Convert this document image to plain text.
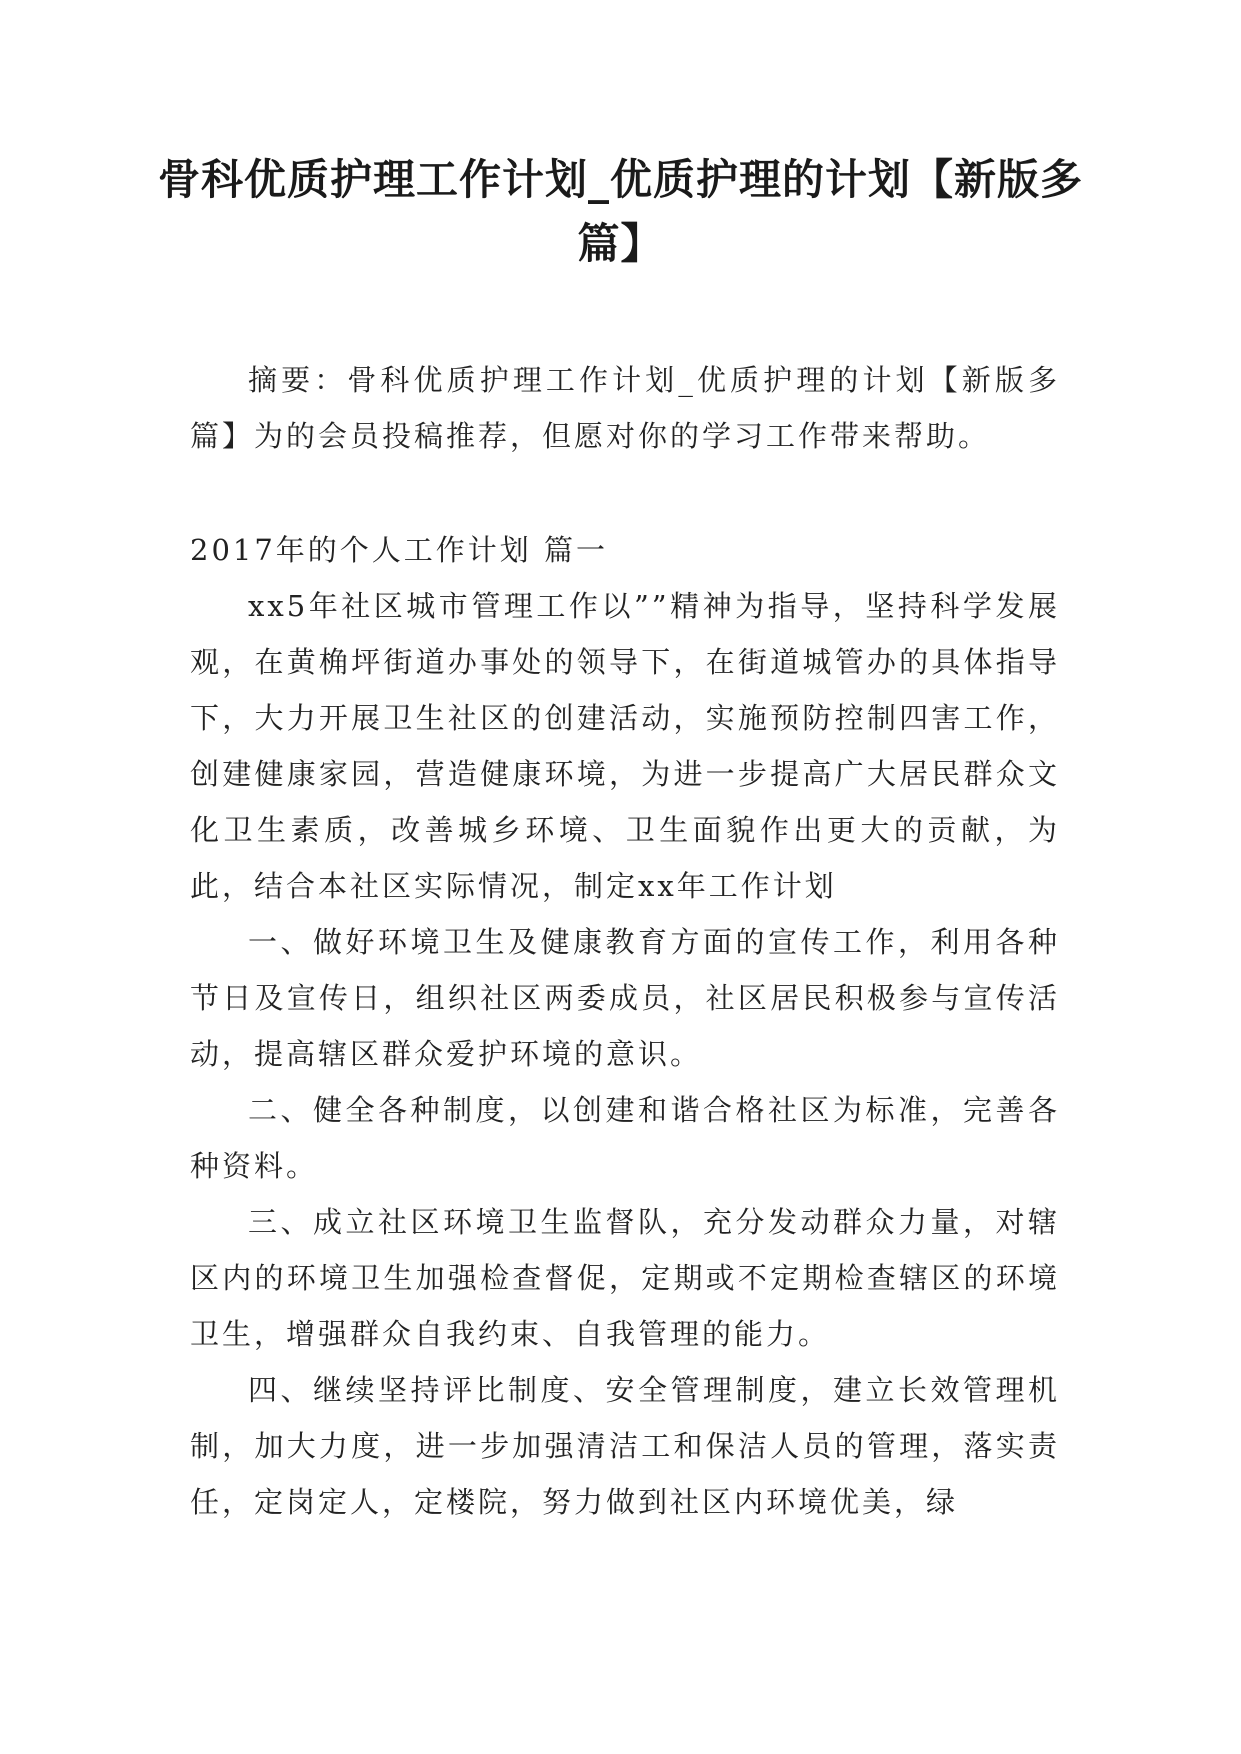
骨科优质护理工作计划_优质护理的计划【新版多篇】

摘要：骨科优质护理工作计划_优质护理的计划【新版多篇】为的会员投稿推荐，但愿对你的学习工作带来帮助。

2017年的个人工作计划 篇一

xx5年社区城市管理工作以””精神为指导，坚持科学发展观，在黄桷坪街道办事处的领导下，在街道城管办的具体指导下，大力开展卫生社区的创建活动，实施预防控制四害工作，创建健康家园，营造健康环境，为进一步提高广大居民群众文化卫生素质，改善城乡环境、卫生面貌作出更大的贡献，为此，结合本社区实际情况，制定xx年工作计划

一、做好环境卫生及健康教育方面的宣传工作，利用各种节日及宣传日，组织社区两委成员，社区居民积极参与宣传活动，提高辖区群众爱护环境的意识。

二、健全各种制度，以创建和谐合格社区为标准，完善各种资料。

三、成立社区环境卫生监督队，充分发动群众力量，对辖区内的环境卫生加强检查督促，定期或不定期检查辖区的环境卫生，增强群众自我约束、自我管理的能力。

四、继续坚持评比制度、安全管理制度，建立长效管理机制，加大力度，进一步加强清洁工和保洁人员的管理，落实责任，定岗定人，定楼院，努力做到社区内环境优美，绿
